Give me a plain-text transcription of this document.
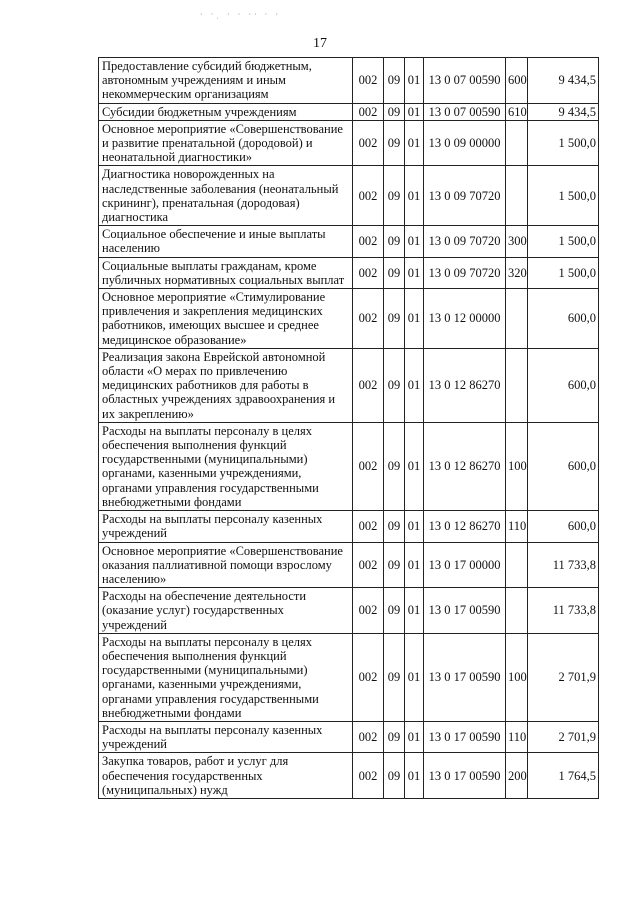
· ·ˌ · · ·· · ·
17
Предоставление субсидий бюджетным, автономным учреждениям и иным некоммерческим организациям	002	09	01	13 0 07 00590	600	9 434,5
Субсидии бюджетным учреждениям	002	09	01	13 0 07 00590	610	9 434,5
Основное мероприятие «Совершенствование и развитие пренатальной (дородовой) и неонатальной диагностики»	002	09	01	13 0 09 00000		1 500,0
Диагностика новорожденных на наследственные заболевания (неонатальный скрининг), пренатальная (дородовая) диагностика	002	09	01	13 0 09 70720		1 500,0
Социальное обеспечение и иные выплаты населению	002	09	01	13 0 09 70720	300	1 500,0
Социальные выплаты гражданам, кроме публичных нормативных социальных выплат	002	09	01	13 0 09 70720	320	1 500,0
Основное мероприятие «Стимулирование привлечения и закрепления медицинских работников, имеющих высшее и среднее медицинское образование»	002	09	01	13 0 12 00000		600,0
Реализация закона Еврейской автономной области «О мерах по привлечению медицинских работников для работы в областных учреждениях здравоохранения и их закреплению»	002	09	01	13 0 12 86270		600,0
Расходы на выплаты персоналу в целях обеспечения выполнения функций государственными (муниципальными) органами, казенными учреждениями, органами управления государственными внебюджетными фондами	002	09	01	13 0 12 86270	100	600,0
Расходы на выплаты персоналу казенных учреждений	002	09	01	13 0 12 86270	110	600,0
Основное мероприятие «Совершенствование оказания паллиативной помощи взрослому населению»	002	09	01	13 0 17 00000		11 733,8
Расходы на обеспечение деятельности (оказание услуг) государственных учреждений	002	09	01	13 0 17 00590		11 733,8
Расходы на выплаты персоналу в целях обеспечения выполнения функций государственными (муниципальными) органами, казенными учреждениями, органами управления государственными внебюджетными фондами	002	09	01	13 0 17 00590	100	2 701,9
Расходы на выплаты персоналу казенных учреждений	002	09	01	13 0 17 00590	110	2 701,9
Закупка товаров, работ и услуг для обеспечения государственных (муниципальных) нужд	002	09	01	13 0 17 00590	200	1 764,5
